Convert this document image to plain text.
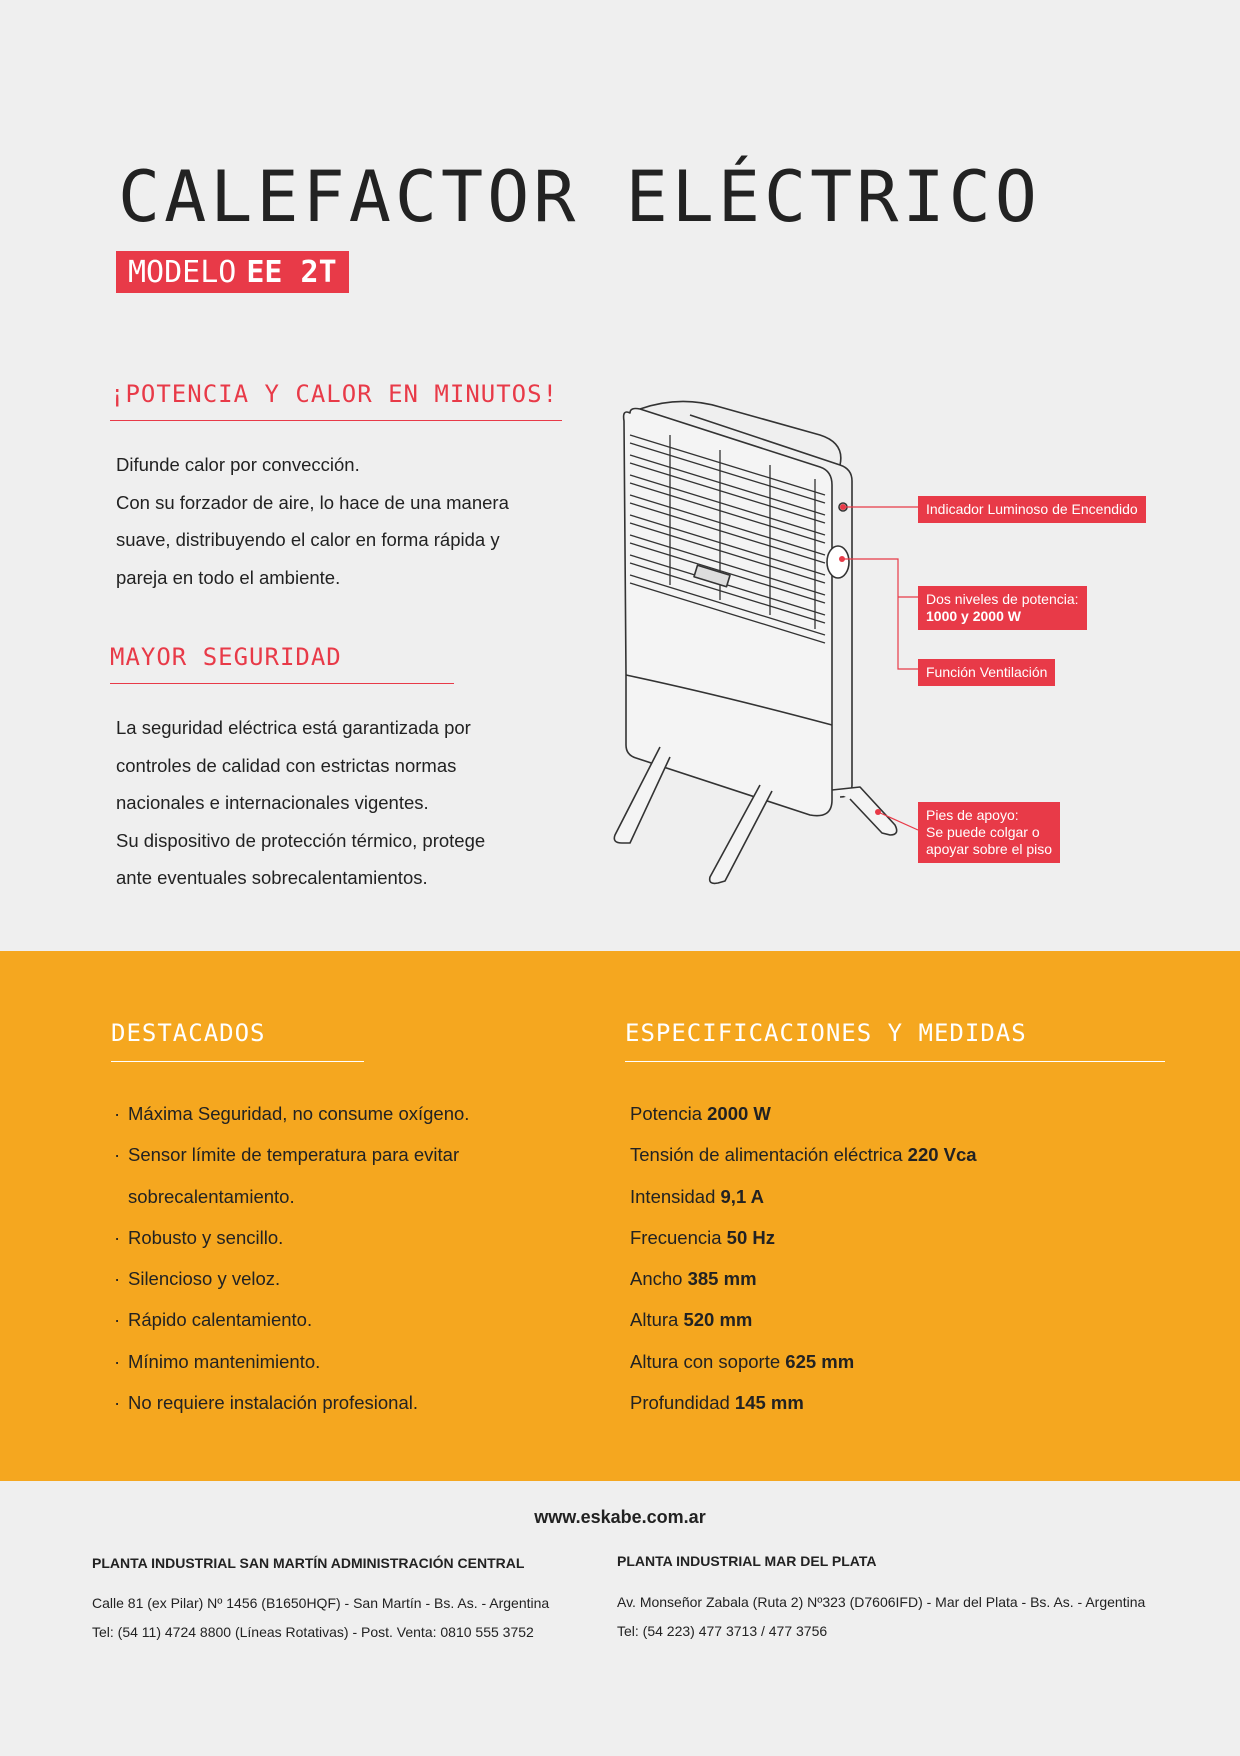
CALEFACTOR ELÉCTRICO
MODELO EE 2T
¡POTENCIA Y CALOR EN MINUTOS!
Difunde calor por convección.
Con su forzador de aire, lo hace de una manera
suave, distribuyendo el calor en forma rápida y
pareja en todo el ambiente.
MAYOR SEGURIDAD
La seguridad eléctrica está garantizada por
controles de calidad con estrictas normas
nacionales e internacionales vigentes.
Su dispositivo de protección térmico, protege
ante eventuales sobrecalentamientos.
Indicador Luminoso de Encendido
Dos niveles de potencia:
1000 y 2000 W
Función Ventilación
Pies de apoyo:
Se puede colgar o
apoyar sobre el piso
DESTACADOS
· Máxima Seguridad, no consume oxígeno.
· Sensor límite de temperatura para evitar
sobrecalentamiento.
· Robusto y sencillo.
· Silencioso y veloz.
· Rápido calentamiento.
· Mínimo mantenimiento.
· No requiere instalación profesional.
ESPECIFICACIONES Y MEDIDAS
Potencia 2000 W
Tensión de alimentación eléctrica 220 Vca
Intensidad 9,1 A
Frecuencia 50 Hz
Ancho 385 mm
Altura 520 mm
Altura con soporte 625 mm
Profundidad 145 mm
PLANTA INDUSTRIAL SAN MARTÍN ADMINISTRACIÓN CENTRAL
Calle 81 (ex Pilar) Nº 1456 (B1650HQF) - San Martín - Bs. As. - Argentina
Tel: (54 11) 4724 8800 (Líneas Rotativas) - Post. Venta: 0810 555 3752
PLANTA INDUSTRIAL MAR DEL PLATA
Av. Monseñor Zabala (Ruta 2) Nº323 (D7606IFD) - Mar del Plata - Bs. As. - Argentina
Tel: (54 223) 477 3713 / 477 3756
www.eskabe.com.ar
